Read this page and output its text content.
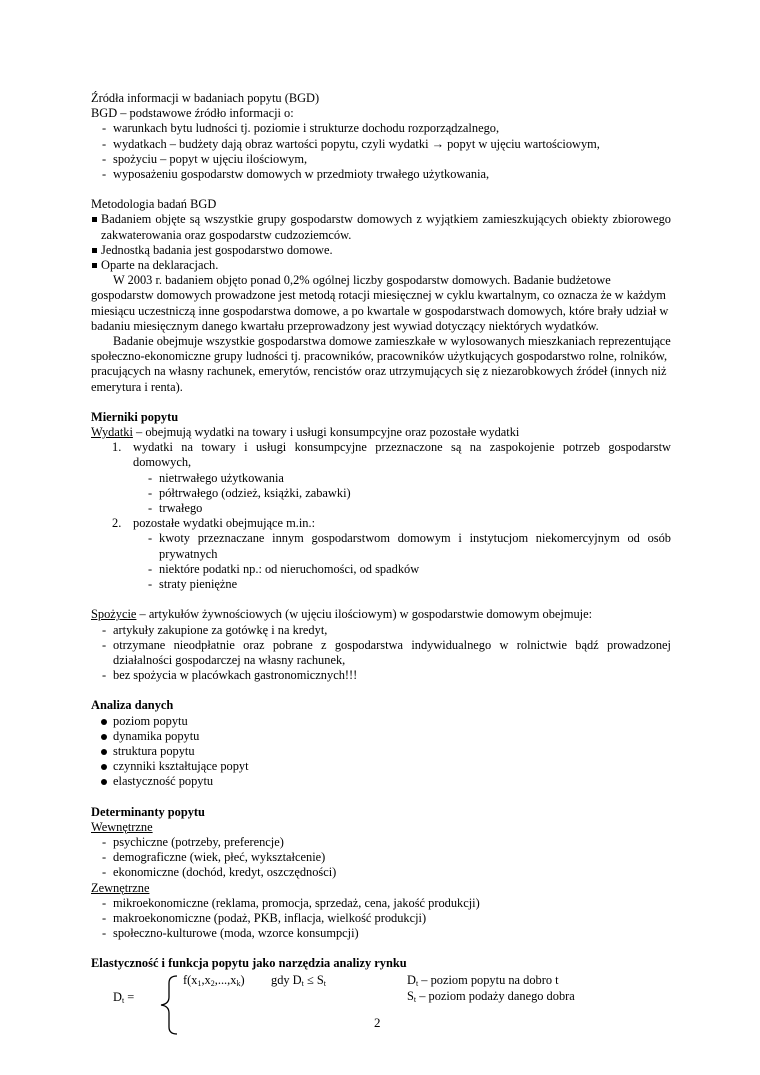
Źródła informacji w badaniach popytu (BGD)

BGD – podstawowe źródło informacji o:

- warunkach bytu ludności tj. poziomie i strukturze dochodu rozporządzalnego,
- wydatkach – budżety dają obraz wartości popytu, czyli wydatki → popyt w ujęciu wartościowym,
- spożyciu – popyt w ujęciu ilościowym,
- wyposażeniu gospodarstw domowych w przedmioty trwałego użytkowania,

Metodologia badań BGD

Badaniem objęte są wszystkie grupy gospodarstw domowych z wyjątkiem zamieszkujących obiekty zbiorowego zakwaterowania oraz gospodarstw cudzoziemców.
Jednostką badania jest gospodarstwo domowe.
Oparte na deklaracjach.

W 2003 r. badaniem objęto ponad 0,2% ogólnej liczby gospodarstw domowych. Badanie budżetowe gospodarstw domowych prowadzone jest metodą rotacji miesięcznej w cyklu kwartalnym, co oznacza że w każdym miesiącu uczestniczą inne gospodarstwa domowe, a po kwartale w gospodarstwach domowych, które brały udział w badaniu miesięcznym danego kwartału przeprowadzony jest wywiad dotyczący niektórych wydatków.

Badanie obejmuje wszystkie gospodarstwa domowe zamieszkałe w wylosowanych mieszkaniach reprezentujące społeczno-ekonomiczne grupy ludności tj. pracowników, pracowników użytkujących gospodarstwo rolne, rolników, pracujących na własny rachunek, emerytów, rencistów oraz utrzymujących się z niezarobkowych źródeł (innych niż emerytura i renta).

Mierniki popytu

Wydatki – obejmują wydatki na towary i usługi konsumpcyjne oraz pozostałe wydatki

1. wydatki na towary i usługi konsumpcyjne przeznaczone są na zaspokojenie potrzeb gospodarstw domowych,
- nietrwałego użytkowania
- półtrwałego (odzież, książki, zabawki)
- trwałego
2. pozostałe wydatki obejmujące m.in.:
- kwoty przeznaczane innym gospodarstwom domowym i instytucjom niekomercyjnym od osób prywatnych
- niektóre podatki np.: od nieruchomości, od spadków
- straty pieniężne

Spożycie – artykułów żywnościowych (w ujęciu ilościowym) w gospodarstwie domowym obejmuje:

- artykuły zakupione za gotówkę i na kredyt,
- otrzymane nieodpłatnie oraz pobrane z gospodarstwa indywidualnego w rolnictwie bądź prowadzonej działalności gospodarczej na własny rachunek,
- bez spożycia w placówkach gastronomicznych!!!

Analiza danych

poziom popytu
dynamika popytu
struktura popytu
czynniki kształtujące popyt
elastyczność popytu

Determinanty popytu

Wewnętrzne

- psychiczne (potrzeby, preferencje)
- demograficzne (wiek, płeć, wykształcenie)
- ekonomiczne (dochód, kredyt, oszczędności)

Zewnętrzne

- mikroekonomiczne (reklama, promocja, sprzedaż, cena, jakość produkcji)
- makroekonomiczne (podaż, PKB, inflacja, wielkość produkcji)
- społeczno-kulturowe (moda, wzorce konsumpcji)

Elastyczność i funkcja popytu jako narzędzia analizy rynku

$D_t$ =
$f(x_1,x_2,...,x_k)$ gdy $D_t \le S_t$	$D_t$ – poziom popytu na dobro t
$S_t$ – poziom podaży danego dobra
2
